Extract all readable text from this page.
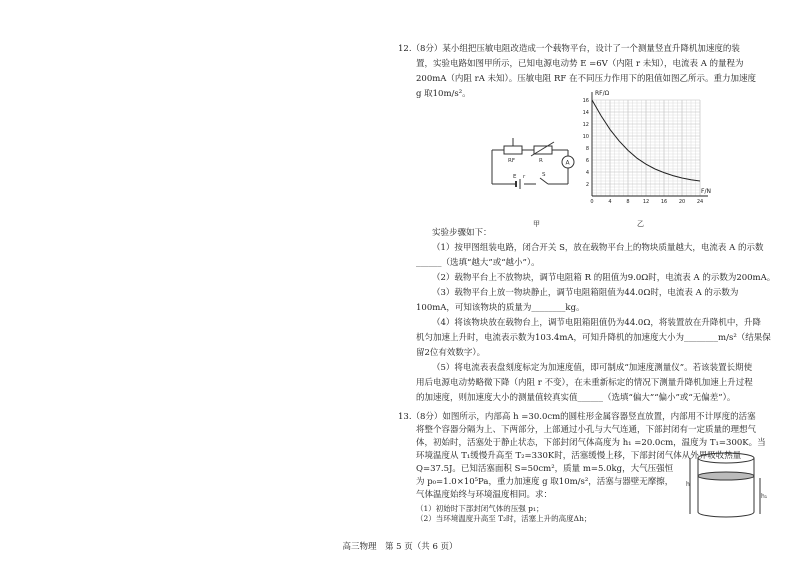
12.（8分）某小组把压敏电阻改造成一个载物平台，设计了一个测量竖直升降机加速度的装
置，实验电路如图甲所示，已知电源电动势 E =6V（内阻 r 未知），电流表 A 的量程为
200mA（内阻 rA 未知）。压敏电阻 RF 在不同压力作用下的阻值如图乙所示。重力加速度
g 取10m/s²。
RF	R	A
E r	S
甲
0	4	8	12 16 20 24
2
4
6
8
10
12
14
16
RF/Ω
F/N
乙
实验步骤如下：
（1）按甲图组装电路，闭合开关 S，放在载物平台上的物块质量越大，电流表 A 的示数
______（选填“越大”或“越小”）。
（2）载物平台上不放物块，调节电阻箱 R 的阻值为9.0Ω时，电流表 A 的示数为200mA。
（3）载物平台上放一物块静止，调节电阻箱阻值为44.0Ω时，电流表 A 的示数为
100mA，可知该物块的质量为________kg。
（4）将该物块放在载物台上，调节电阻箱阻值仍为44.0Ω，将装置放在升降机中，升降
机匀加速上升时，电流表示数为103.4mA，可知升降机的加速度大小为________m/s²（结果保
留2位有效数字）。
（5）将电流表表盘刻度标定为加速度值，即可制成“加速度测量仪”。若该装置长期使
用后电源电动势略微下降（内阻 r 不变），在未重新标定的情况下测量升降机加速上升过程
的加速度，则加速度大小的测量值较真实值______（选填“偏大”“偏小”或“无偏差”）。
13.（8分）如图所示，内部高 h =30.0cm的圆柱形金属容器竖直放置，内部用不计厚度的活塞
将整个容器分隔为上、下两部分，上部通过小孔与大气连通，下部封闭有一定质量的理想气
体，初始时，活塞处于静止状态，下部封闭气体高度为 h₁ =20.0cm，温度为 T₁=300K。当
环境温度从 T₁缓慢升高至 T₂=330K时，活塞缓慢上移，下部封闭气体从外界吸收热量
Q=37.5J。已知活塞面积 S=50cm²，质量 m=5.0kg，大气压强恒
为 p₀=1.0×10⁵Pa，重力加速度 g 取10m/s²，活塞与器壁无摩擦，
气体温度始终与环境温度相同。求：
（1）初始时下部封闭气体的压强 p₁；
（2）当环境温度升高至 T₂时，活塞上升的高度Δh；
h
h₁
高三物理　第 5 页（共 6 页）
